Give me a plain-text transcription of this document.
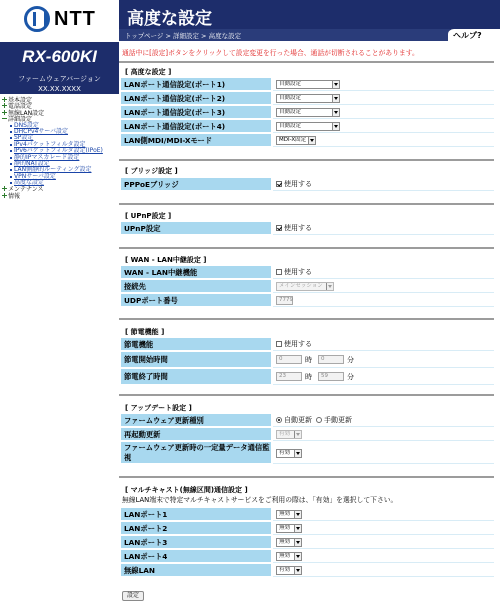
NTT
RX-600KI
ファームウェアバージョン
XX.XX.XXXX
基本設定
電話設定
無線LAN設定
詳細設定
DNS設定
DHCPv4サーバ設定
SP設定
IPv4パケットフィルタ設定
IPv6パケットフィルタ設定(IPoE)
静的IPマスカレード設定
静的NAT設定
LAN側静的ルーティング設定
VPNサーバ設定
高度な設定
メンテナンス
情報
高度な設定
トップページ > 詳細設定 > 高度な設定	ヘルプ?
通話中に[設定]ボタンをクリックして設定変更を行った場合、通話が切断されることがあります。
[ 高度な設定 ]
LANポート通信設定(ポート1)	自動設定
LANポート通信設定(ポート2)	自動設定
LANポート通信設定(ポート3)	自動設定
LANポート通信設定(ポート4)	自動設定
LAN側MDI/MDI-Xモード	MDI-X固定
[ ブリッジ設定 ]
PPPoEブリッジ	使用する
[ UPnP設定 ]
UPnP設定	使用する
[ WAN - LAN中継設定 ]
WAN - LAN中継機能	使用する
接続先	メインセッション
UDPポート番号	7779
[ 節電機能 ]
節電機能	使用する
節電開始時間	0	時	0	分
節電終了時間	23	時	59	分
[ アップデート設定 ]
ファームウェア更新種別	自動更新 手動更新
再起動更新	有効
ファームウェア更新時の一定量データ通信監視	有効
[ マルチキャスト(無線区間)通信設定 ]
無線LAN端末で特定マルチキャストサービスをご利用の際は、「有効」を選択して下さい。
LANポート1	無効
LANポート2	無効
LANポート3	無効
LANポート4	無効
無線LAN	有効
設定
